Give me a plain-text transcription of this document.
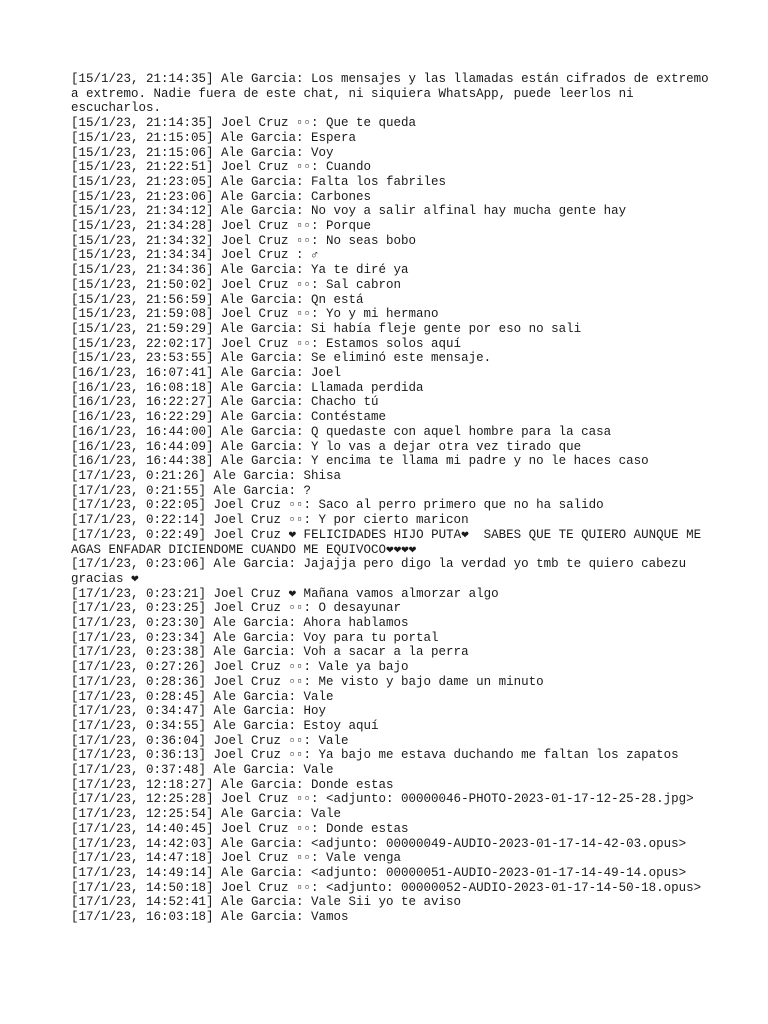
[15/1/23, 21:14:35] Ale Garcia: Los mensajes y las llamadas están cifrados de extremo a extremo. Nadie fuera de este chat, ni siquiera WhatsApp, puede leerlos ni escucharlos.

[15/1/23, 21:14:35] Joel Cruz ▫▫: Que te queda

[15/1/23, 21:15:05] Ale Garcia: Espera

[15/1/23, 21:15:06] Ale Garcia: Voy

[15/1/23, 21:22:51] Joel Cruz ▫▫: Cuando

[15/1/23, 21:23:05] Ale Garcia: Falta los fabriles

[15/1/23, 21:23:06] Ale Garcia: Carbones

[15/1/23, 21:34:12] Ale Garcia: No voy a salir alfinal hay mucha gente hay

[15/1/23, 21:34:28] Joel Cruz ▫▫: Porque

[15/1/23, 21:34:32] Joel Cruz ▫▫: No seas bobo

[15/1/23, 21:34:34] Joel Cruz : ♂

[15/1/23, 21:34:36] Ale Garcia: Ya te diré ya

[15/1/23, 21:50:02] Joel Cruz ▫▫: Sal cabron

[15/1/23, 21:56:59] Ale Garcia: Qn está

[15/1/23, 21:59:08] Joel Cruz ▫▫: Yo y mi hermano

[15/1/23, 21:59:29] Ale Garcia: Si había fleje gente por eso no sali

[15/1/23, 22:02:17] Joel Cruz ▫▫: Estamos solos aquí

[15/1/23, 23:53:55] Ale Garcia: Se eliminó este mensaje.

[16/1/23, 16:07:41] Ale Garcia: Joel

[16/1/23, 16:08:18] Ale Garcia: Llamada perdida

[16/1/23, 16:22:27] Ale Garcia: Chacho tú

[16/1/23, 16:22:29] Ale Garcia: Contéstame

[16/1/23, 16:44:00] Ale Garcia: Q quedaste con aquel hombre para la casa

[16/1/23, 16:44:09] Ale Garcia: Y lo vas a dejar otra vez tirado que

[16/1/23, 16:44:38] Ale Garcia: Y encima te llama mi padre y no le haces caso

[17/1/23, 0:21:26] Ale Garcia: Shisa

[17/1/23, 0:21:55] Ale Garcia: ?

[17/1/23, 0:22:05] Joel Cruz ▫▫: Saco al perro primero que no ha salido

[17/1/23, 0:22:14] Joel Cruz ▫▫: Y por cierto maricon

[17/1/23, 0:22:49] Joel Cruz ❤ FELICIDADES HIJO PUTA❤  SABES QUE TE QUIERO AUNQUE ME AGAS ENFADAR DICIENDOME CUANDO ME EQUIVOCO❤❤❤❤

[17/1/23, 0:23:06] Ale Garcia: Jajajja pero digo la verdad yo tmb te quiero cabezu gracias ❤

[17/1/23, 0:23:21] Joel Cruz ❤ Mañana vamos almorzar algo

[17/1/23, 0:23:25] Joel Cruz ▫▫: O desayunar

[17/1/23, 0:23:30] Ale Garcia: Ahora hablamos

[17/1/23, 0:23:34] Ale Garcia: Voy para tu portal

[17/1/23, 0:23:38] Ale Garcia: Voh a sacar a la perra

[17/1/23, 0:27:26] Joel Cruz ▫▫: Vale ya bajo

[17/1/23, 0:28:36] Joel Cruz ▫▫: Me visto y bajo dame un minuto

[17/1/23, 0:28:45] Ale Garcia: Vale

[17/1/23, 0:34:47] Ale Garcia: Hoy

[17/1/23, 0:34:55] Ale Garcia: Estoy aquí

[17/1/23, 0:36:04] Joel Cruz ▫▫: Vale

[17/1/23, 0:36:13] Joel Cruz ▫▫: Ya bajo me estava duchando me faltan los zapatos

[17/1/23, 0:37:48] Ale Garcia: Vale

[17/1/23, 12:18:27] Ale Garcia: Donde estas

[17/1/23, 12:25:28] Joel Cruz ▫▫: <adjunto: 00000046-PHOTO-2023-01-17-12-25-28.jpg>

[17/1/23, 12:25:54] Ale Garcia: Vale

[17/1/23, 14:40:45] Joel Cruz ▫▫: Donde estas

[17/1/23, 14:42:03] Ale Garcia: <adjunto: 00000049-AUDIO-2023-01-17-14-42-03.opus>

[17/1/23, 14:47:18] Joel Cruz ▫▫: Vale venga

[17/1/23, 14:49:14] Ale Garcia: <adjunto: 00000051-AUDIO-2023-01-17-14-49-14.opus>

[17/1/23, 14:50:18] Joel Cruz ▫▫: <adjunto: 00000052-AUDIO-2023-01-17-14-50-18.opus>

[17/1/23, 14:52:41] Ale Garcia: Vale Sii yo te aviso

[17/1/23, 16:03:18] Ale Garcia: Vamos
